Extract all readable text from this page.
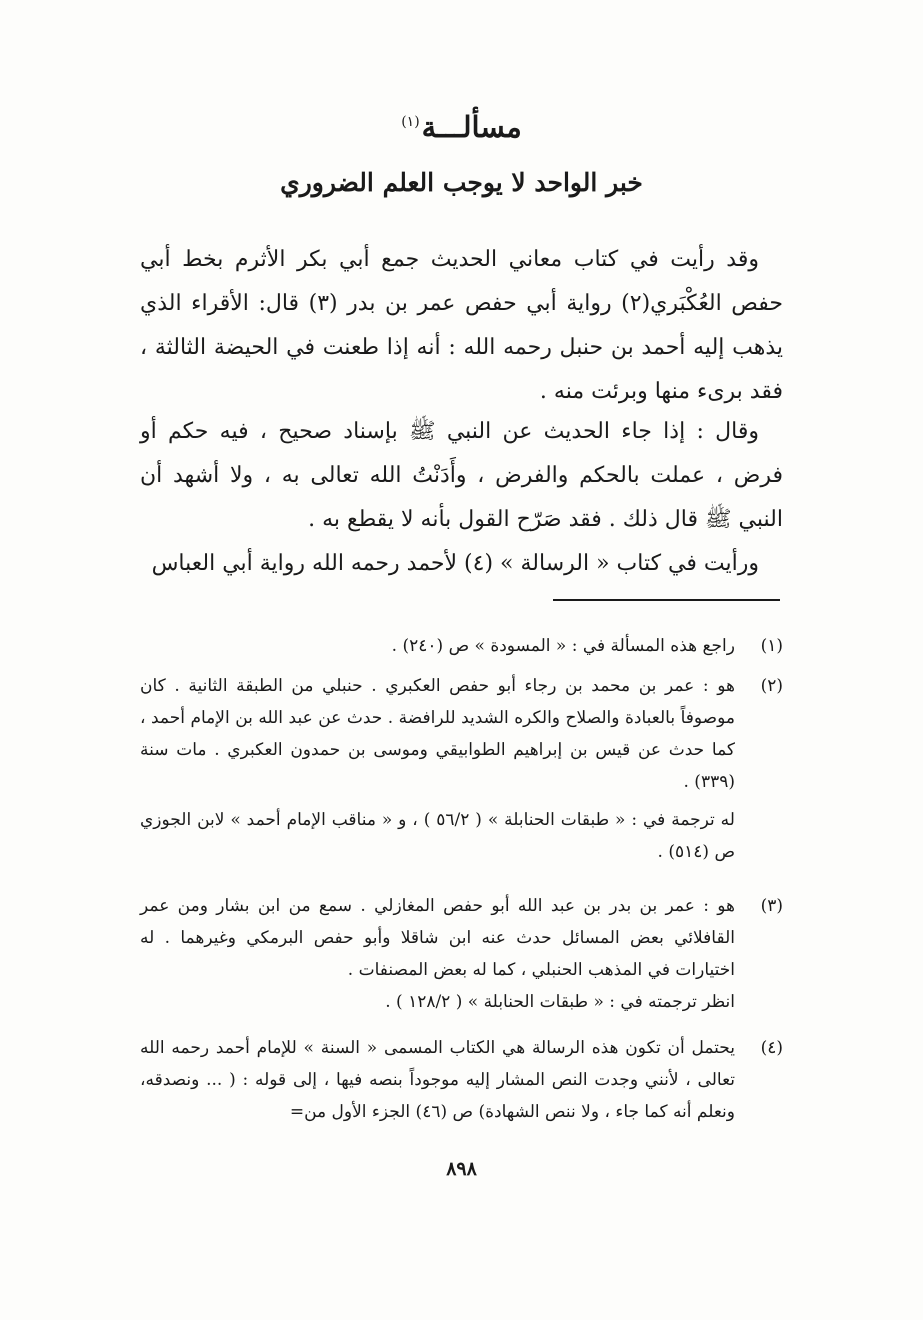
مسألـــة$^{(١)}$
خبر الواحد لا يوجب العلم الضروري
وقد رأيت في كتاب معاني الحديث جمع أبي بكر الأثرم بخط أبي حفص العُكْبَري(٢) رواية أبي حفص عمر بن بدر (٣) قال: الأقراء الذي يذهب إليه أحمد بن حنبل رحمه الله : أنه إذا طعنت في الحيضة الثالثة ، فقد برىء منها وبرئت منه .
وقال : إذا جاء الحديث عن النبي ﷺ بإسناد صحيح ، فيه حكم أو فرض ، عملت بالحكم والفرض ، وأَدَنْتُ الله تعالى به ، ولا أشهد أن النبي ﷺ قال ذلك . فقد صَرّح القول بأنه لا يقطع به .
ورأيت في كتاب « الرسالة » (٤) لأحمد رحمه الله رواية أبي العباس
(١)
راجع هذه المسألة في : « المسودة » ص (٢٤٠) .
(٢)
هو : عمر بن محمد بن رجاء أبو حفص العكبري . حنبلي من الطبقة الثانية . كان موصوفاً بالعبادة والصلاح والكره الشديد للرافضة . حدث عن عبد الله بن الإمام أحمد ، كما حدث عن قيس بن إبراهيم الطوابيقي وموسى بن حمدون العكبري . مات سنة (٣٣٩) .
له ترجمة في : « طبقات الحنابلة » ( ٥٦/٢ ) ، و « مناقب الإمام أحمد » لابن الجوزي ص (٥١٤) .
(٣)
هو : عمر بن بدر بن عبد الله أبو حفص المغازلي . سمع من ابن بشار ومن عمر القافلائي بعض المسائل حدث عنه ابن شاقلا وأبو حفص البرمكي وغيرهما . له اختيارات في المذهب الحنبلي ، كما له بعض المصنفات .
انظر ترجمته في : « طبقات الحنابلة » ( ١٢٨/٢ ) .
(٤)
يحتمل أن تكون هذه الرسالة هي الكتاب المسمى « السنة » للإمام أحمد رحمه الله تعالى ، لأنني وجدت النص المشار إليه موجوداً بنصه فيها ، إلى قوله : ( ... ونصدقه، ونعلم أنه كما جاء ، ولا ننص الشهادة) ص (٤٦) الجزء الأول من=
٨٩٨
